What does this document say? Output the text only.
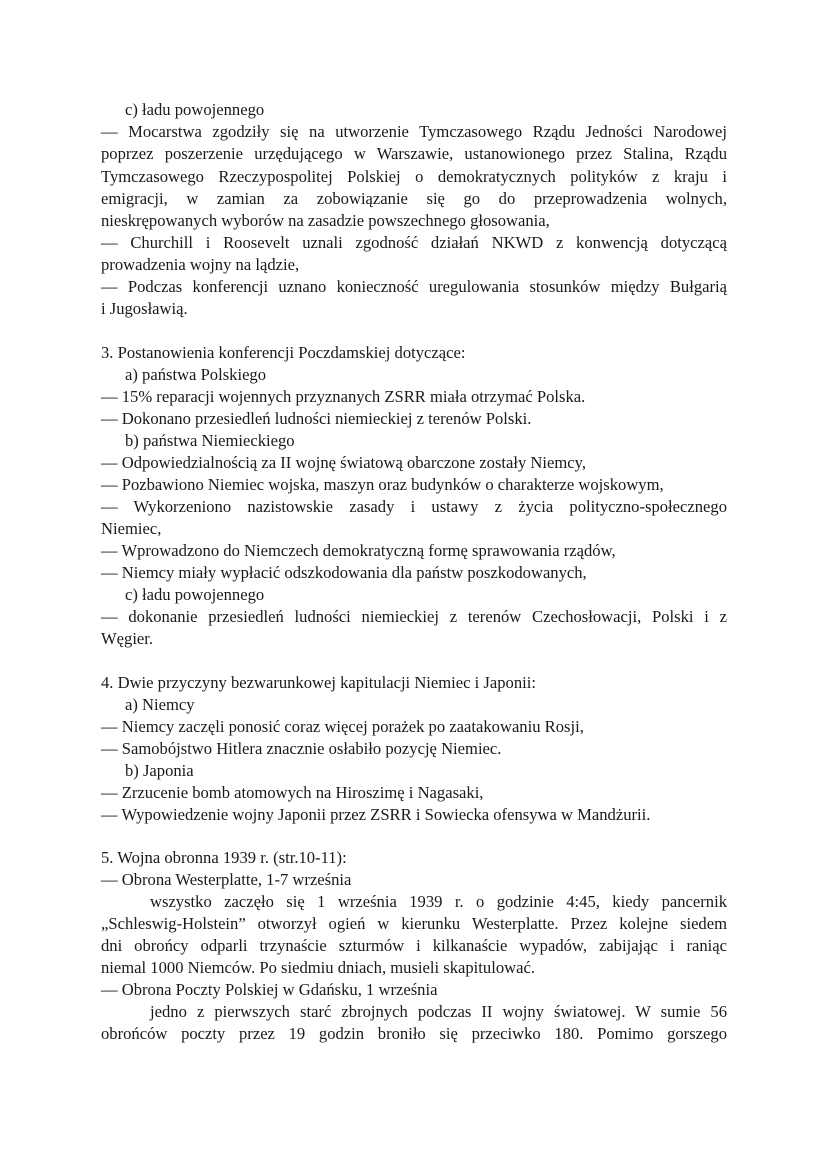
c) ładu powojennego
— Mocarstwa zgodziły się na utworzenie Tymczasowego Rządu Jedności Narodowej
poprzez poszerzenie urzędującego w Warszawie, ustanowionego przez Stalina, Rządu
Tymczasowego Rzeczypospolitej Polskiej o demokratycznych polityków z kraju i
emigracji, w zamian za zobowiązanie się go do przeprowadzenia wolnych,
nieskrępowanych wyborów na zasadzie powszechnego głosowania,
— Churchill i Roosevelt uznali zgodność działań NKWD z konwencją dotyczącą
prowadzenia wojny na lądzie,
— Podczas konferencji uznano konieczność uregulowania stosunków między Bułgarią
i Jugosławią.
3. Postanowienia konferencji Poczdamskiej dotyczące:
a) państwa Polskiego
— 15% reparacji wojennych przyznanych ZSRR miała otrzymać Polska.
— Dokonano przesiedleń ludności niemieckiej z terenów Polski.
b) państwa Niemieckiego
— Odpowiedzialnością za II wojnę światową obarczone zostały Niemcy,
— Pozbawiono Niemiec wojska, maszyn oraz budynków o charakterze wojskowym,
— Wykorzeniono nazistowskie zasady i ustawy z życia polityczno-społecznego
Niemiec,
— Wprowadzono do Niemczech demokratyczną formę sprawowania rządów,
— Niemcy miały wypłacić odszkodowania dla państw poszkodowanych,
c) ładu powojennego
— dokonanie przesiedleń ludności niemieckiej z terenów Czechosłowacji, Polski i z
Węgier.
4. Dwie przyczyny bezwarunkowej kapitulacji Niemiec i Japonii:
a) Niemcy
— Niemcy zaczęli ponosić coraz więcej porażek po zaatakowaniu Rosji,
— Samobójstwo Hitlera znacznie osłabiło pozycję Niemiec.
b) Japonia
— Zrzucenie bomb atomowych na Hiroszimę i Nagasaki,
— Wypowiedzenie wojny Japonii przez ZSRR i Sowiecka ofensywa w Mandżurii.
5. Wojna obronna 1939 r. (str.10-11):
— Obrona Westerplatte, 1-7 września
wszystko zaczęło się 1 września 1939 r. o godzinie 4:45, kiedy pancernik
„Schleswig-Holstein” otworzył ogień w kierunku Westerplatte. Przez kolejne siedem
dni obrońcy odparli trzynaście szturmów i kilkanaście wypadów, zabijając i raniąc
niemal 1000 Niemców. Po siedmiu dniach, musieli skapitulować.
— Obrona Poczty Polskiej w Gdańsku, 1 września
jedno z pierwszych starć zbrojnych podczas II wojny światowej. W sumie 56
obrońców poczty przez 19 godzin broniło się przeciwko 180. Pomimo gorszego
